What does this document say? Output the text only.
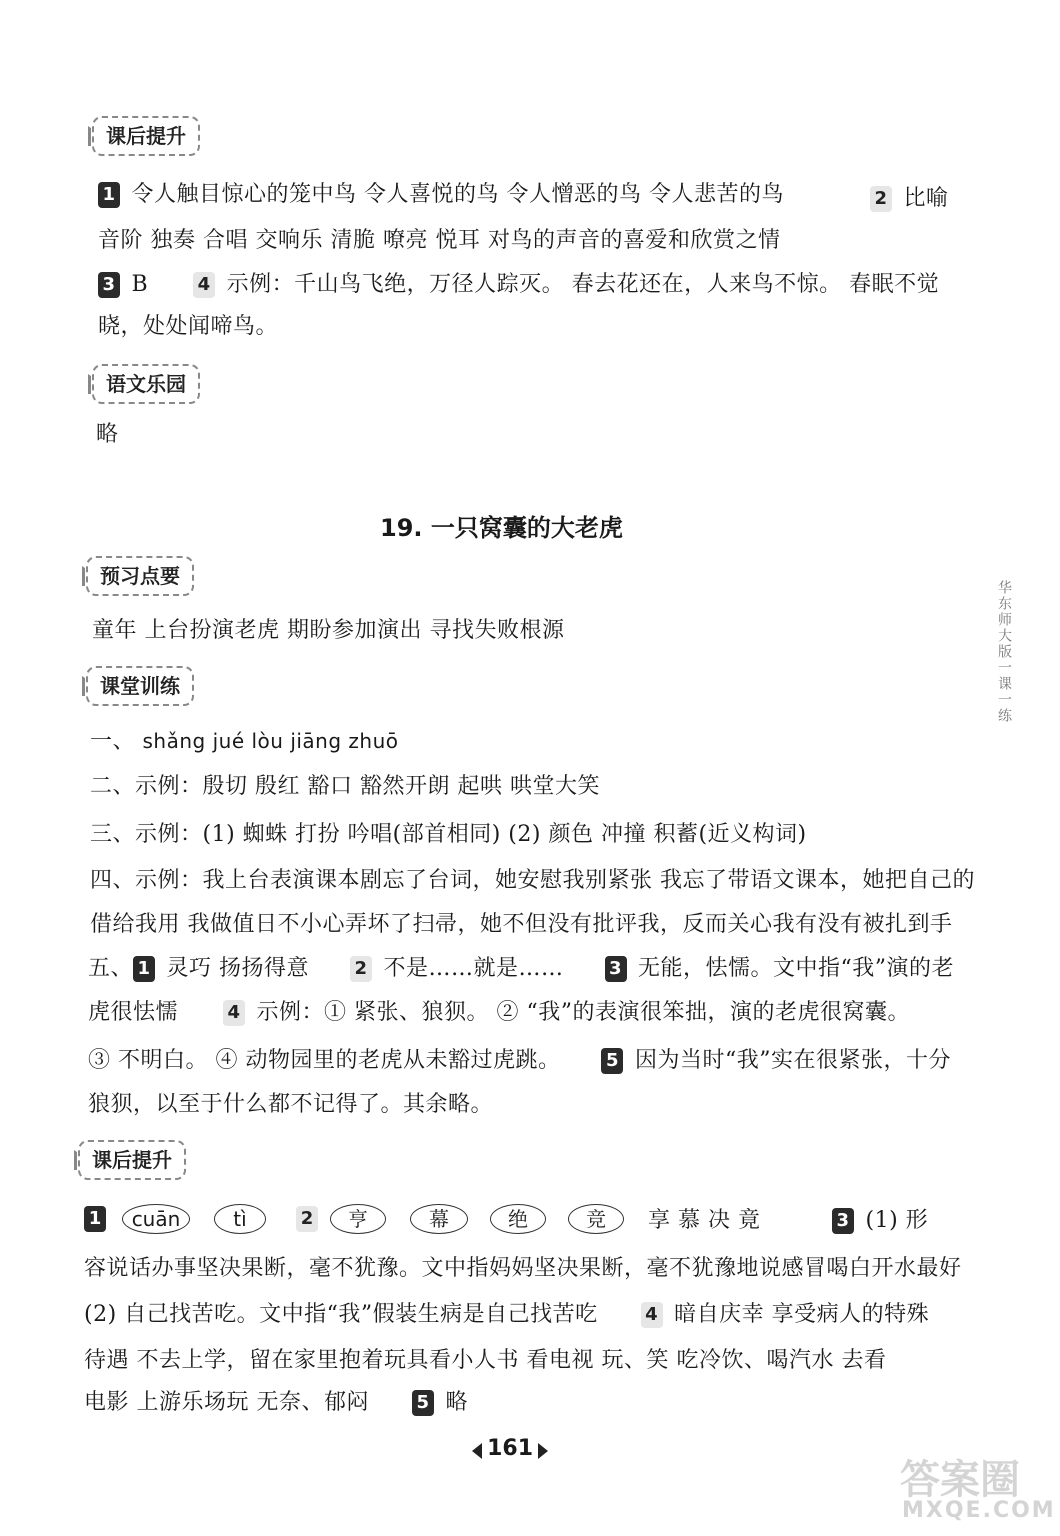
课后提升
1 令人触目惊心的笼中鸟 令人喜悦的鸟 令人憎恶的鸟 令人悲苦的鸟	2 比喻
音阶 独奏 合唱 交响乐 清脆 嘹亮 悦耳 对鸟的声音的喜爱和欣赏之情
3 B	4 示例：千山鸟飞绝，万径人踪灭。 春去花还在，人来鸟不惊。 春眠不觉
晓，处处闻啼鸟。
语文乐园
略
19. 一只窝囊的大老虎
预习点要
童年 上台扮演老虎 期盼参加演出 寻找失败根源
课堂训练
一、 shǎng jué lòu jiāng zhuō
二、示例：殷切 殷红 豁口 豁然开朗 起哄 哄堂大笑
三、示例：(1) 蜘蛛 打扮 吟唱(部首相同) (2) 颜色 冲撞 积蓄(近义构词)
四、示例：我上台表演课本剧忘了台词，她安慰我别紧张 我忘了带语文课本，她把自己的
借给我用 我做值日不小心弄坏了扫帚，她不但没有批评我，反而关心我有没有被扎到手
五、 1 灵巧 扬扬得意	2 不是……就是……	3 无能，怯懦。文中指“我”演的老
虎很怯懦	4 示例：① 紧张、狼狈。 ② “我”的表演很笨拙，演的老虎很窝囊。
③ 不明白。 ④ 动物园里的老虎从未豁过虎跳。	5 因为当时“我”实在很紧张，十分
狼狈，以至于什么都不记得了。其余略。
课后提升
1	cuān	tì	2	亨	幕	绝	竞	享 慕 决 竟	3 (1) 形
容说话办事坚决果断，毫不犹豫。文中指妈妈坚决果断，毫不犹豫地说感冒喝白开水最好
(2) 自己找苦吃。文中指“我”假装生病是自己找苦吃	4 暗自庆幸 享受病人的特殊
待遇 不去上学，留在家里抱着玩具看小人书 看电视 玩、笑 吃冷饮、喝汽水 去看
电影 上游乐场玩 无奈、郁闷	5 略
华东师大版一课一练
161
答案圈
MXQE.COM
